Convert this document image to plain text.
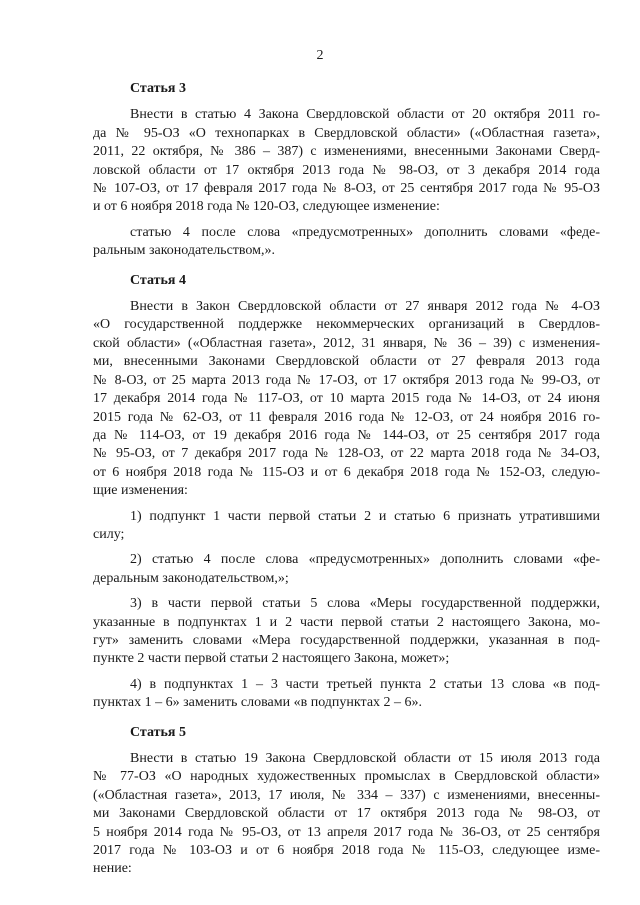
2
Статья 3
Внести в статью 4 Закона Свердловской области от 20 октября 2011 го-
да № 95-ОЗ «О технопарках в Свердловской области» («Областная газета»,
2011, 22 октября, № 386 – 387) с изменениями, внесенными Законами Сверд-
ловской области от 17 октября 2013 года № 98-ОЗ, от 3 декабря 2014 года
№ 107-ОЗ, от 17 февраля 2017 года № 8-ОЗ, от 25 сентября 2017 года № 95-ОЗ
и от 6 ноября 2018 года № 120-ОЗ, следующее изменение:
статью 4 после слова «предусмотренных» дополнить словами «феде-
ральным законодательством,».
Статья 4
Внести в Закон Свердловской области от 27 января 2012 года № 4-ОЗ
«О государственной поддержке некоммерческих организаций в Свердлов-
ской области» («Областная газета», 2012, 31 января, № 36 – 39) с изменения-
ми, внесенными Законами Свердловской области от 27 февраля 2013 года
№ 8-ОЗ, от 25 марта 2013 года № 17-ОЗ, от 17 октября 2013 года № 99-ОЗ, от
17 декабря 2014 года № 117-ОЗ, от 10 марта 2015 года № 14-ОЗ, от 24 июня
2015 года № 62-ОЗ, от 11 февраля 2016 года № 12-ОЗ, от 24 ноября 2016 го-
да № 114-ОЗ, от 19 декабря 2016 года № 144-ОЗ, от 25 сентября 2017 года
№ 95-ОЗ, от 7 декабря 2017 года № 128-ОЗ, от 22 марта 2018 года № 34-ОЗ,
от 6 ноября 2018 года № 115-ОЗ и от 6 декабря 2018 года № 152-ОЗ, следую-
щие изменения:
1) подпункт 1 части первой статьи 2 и статью 6 признать утратившими
силу;
2) статью 4 после слова «предусмотренных» дополнить словами «фе-
деральным законодательством,»;
3) в части первой статьи 5 слова «Меры государственной поддержки,
указанные в подпунктах 1 и 2 части первой статьи 2 настоящего Закона, мо-
гут» заменить словами «Мера государственной поддержки, указанная в под-
пункте 2 части первой статьи 2 настоящего Закона, может»;
4) в подпунктах 1 – 3 части третьей пункта 2 статьи 13 слова «в под-
пунктах 1 – 6» заменить словами «в подпунктах 2 – 6».
Статья 5
Внести в статью 19 Закона Свердловской области от 15 июля 2013 года
№ 77-ОЗ «О народных художественных промыслах в Свердловской области»
(«Областная газета», 2013, 17 июля, № 334 – 337) с изменениями, внесенны-
ми Законами Свердловской области от 17 октября 2013 года № 98-ОЗ, от
5 ноября 2014 года № 95-ОЗ, от 13 апреля 2017 года № 36-ОЗ, от 25 сентября
2017 года № 103-ОЗ и от 6 ноября 2018 года № 115-ОЗ, следующее изме-
нение:
